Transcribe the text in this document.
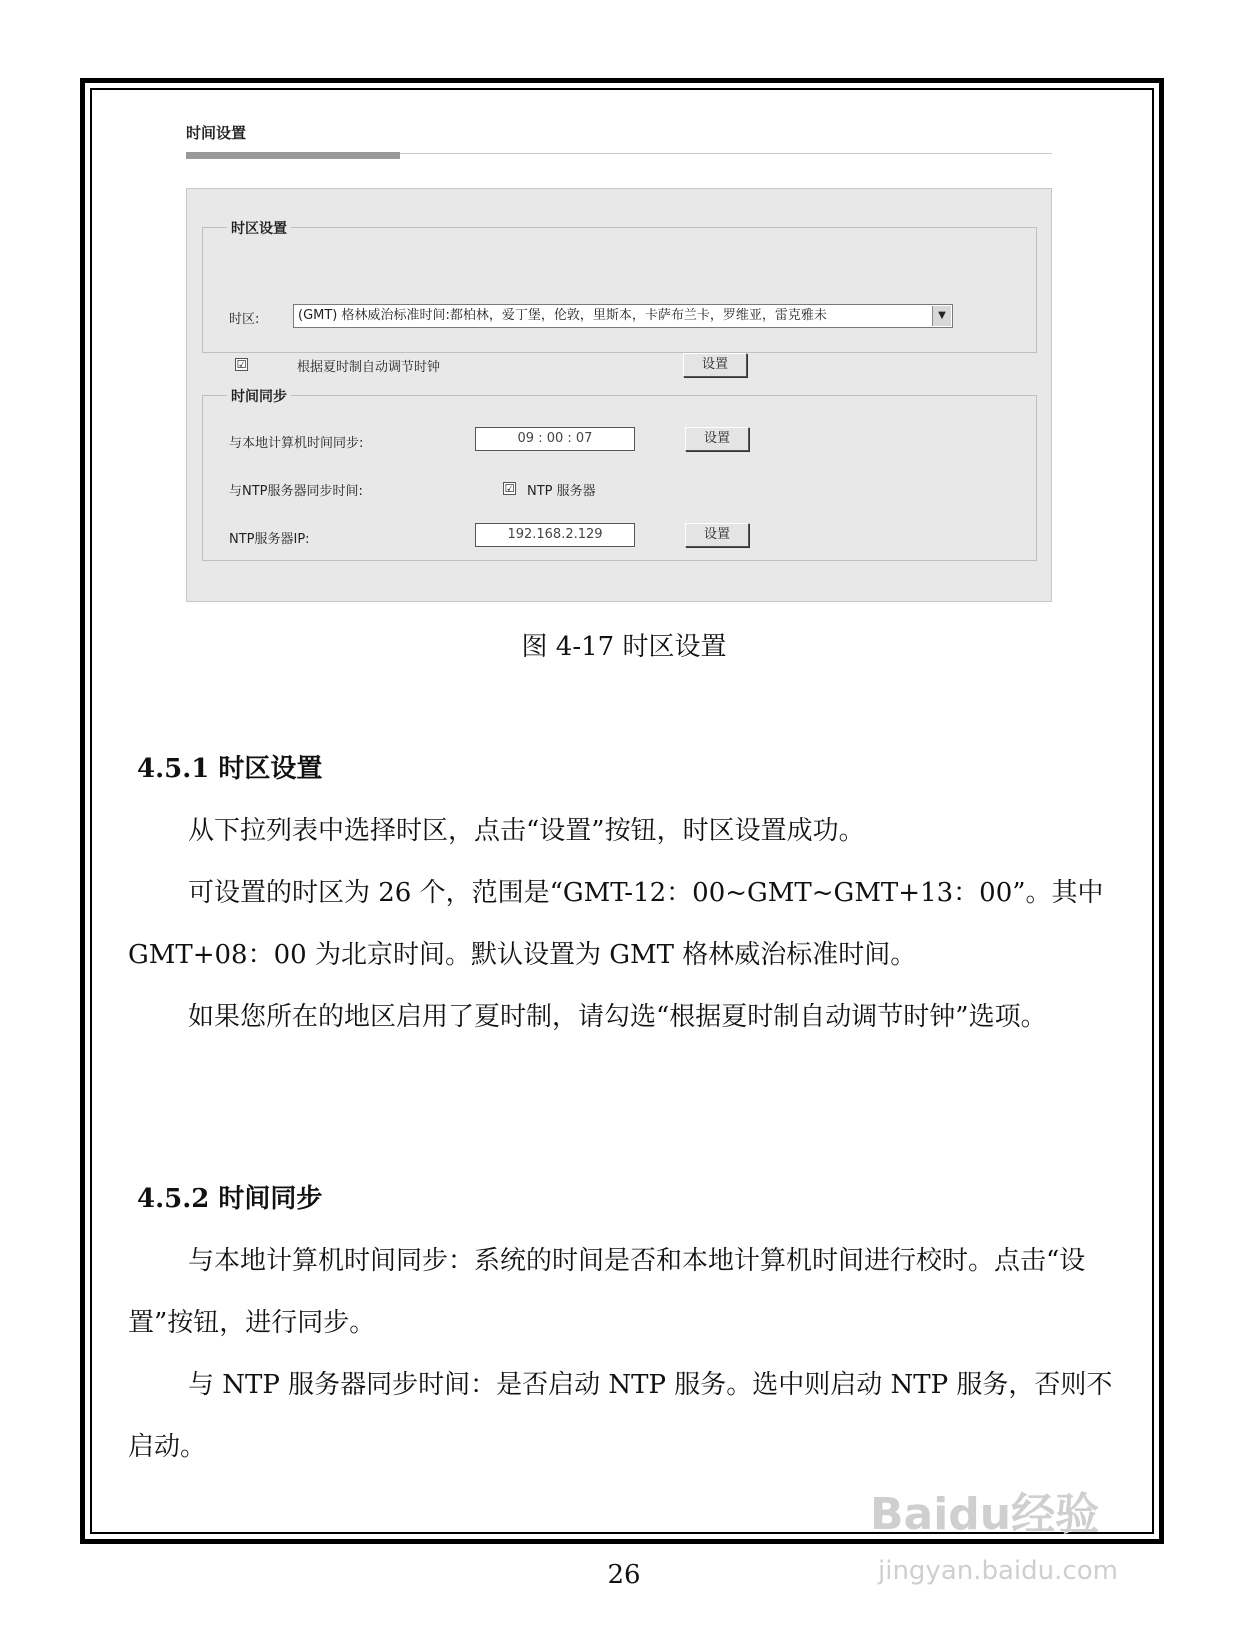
时间设置
时区设置
时区:	(GMT) 格林威治标准时间:都柏林，爱丁堡，伦敦，里斯本，卡萨布兰卡，罗维亚，雷克雅未	▼
☑	根据夏时制自动调节时钟	设置
时间同步
与本地计算机时间同步:	09 : 00 : 07	设置
与NTP服务器同步时间:	☑ NTP 服务器
NTP服务器IP:	192.168.2.129	设置
图 4-17 时区设置
4.5.1 时区设置

从下拉列表中选择时区，点击“设置”按钮，时区设置成功。

可设置的时区为 26 个，范围是“GMT-12：00~GMT~GMT+13：00”。其中GMT+08：00 为北京时间。默认设置为 GMT 格林威治标准时间。

如果您所在的地区启用了夏时制，请勾选“根据夏时制自动调节时钟”选项。

4.5.2 时间同步

与本地计算机时间同步：系统的时间是否和本地计算机时间进行校时。点击“设置”按钮，进行同步。

与 NTP 服务器同步时间：是否启动 NTP 服务。选中则启动 NTP 服务，否则不启动。

26
Baidu经验
jingyan.baidu.com
